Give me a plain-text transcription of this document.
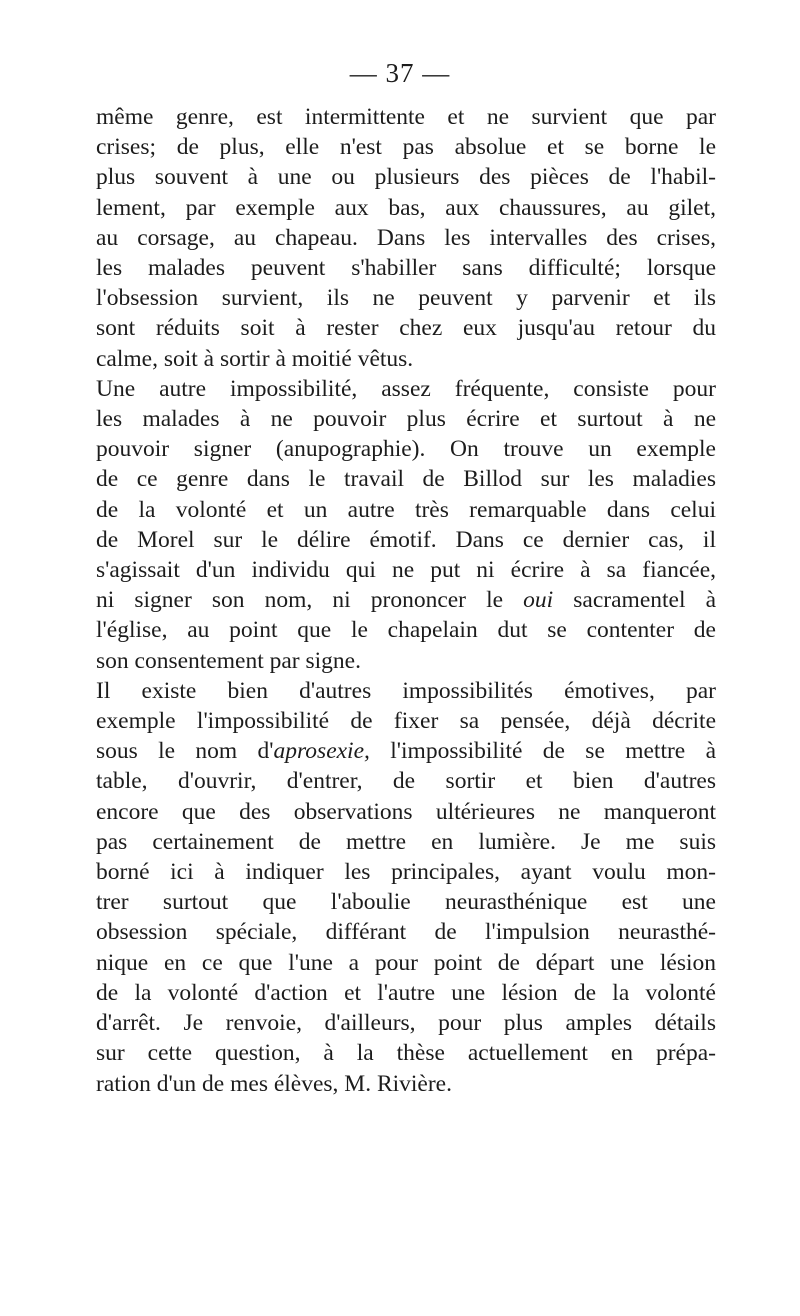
— 37 —
même genre, est intermittente et ne survient que par
crises; de plus, elle n'est pas absolue et se borne le
plus souvent à une ou plusieurs des pièces de l'habil-
lement, par exemple aux bas, aux chaussures, au gilet,
au corsage, au chapeau. Dans les intervalles des crises,
les malades peuvent s'habiller sans difficulté; lorsque
l'obsession survient, ils ne peuvent y parvenir et ils
sont réduits soit à rester chez eux jusqu'au retour du
calme, soit à sortir à moitié vêtus.
Une autre impossibilité, assez fréquente, consiste pour
les malades à ne pouvoir plus écrire et surtout à ne
pouvoir signer (anupographie). On trouve un exemple
de ce genre dans le travail de Billod sur les maladies
de la volonté et un autre très remarquable dans celui
de Morel sur le délire émotif. Dans ce dernier cas, il
s'agissait d'un individu qui ne put ni écrire à sa fiancée,
ni signer son nom, ni prononcer le oui sacramentel à
l'église, au point que le chapelain dut se contenter de
son consentement par signe.
Il existe bien d'autres impossibilités émotives, par
exemple l'impossibilité de fixer sa pensée, déjà décrite
sous le nom d'aprosexie, l'impossibilité de se mettre à
table, d'ouvrir, d'entrer, de sortir et bien d'autres
encore que des observations ultérieures ne manqueront
pas certainement de mettre en lumière. Je me suis
borné ici à indiquer les principales, ayant voulu mon-
trer surtout que l'aboulie neurasthénique est une
obsession spéciale, différant de l'impulsion neurasthé-
nique en ce que l'une a pour point de départ une lésion
de la volonté d'action et l'autre une lésion de la volonté
d'arrêt. Je renvoie, d'ailleurs, pour plus amples détails
sur cette question, à la thèse actuellement en prépa-
ration d'un de mes élèves, M. Rivière.
